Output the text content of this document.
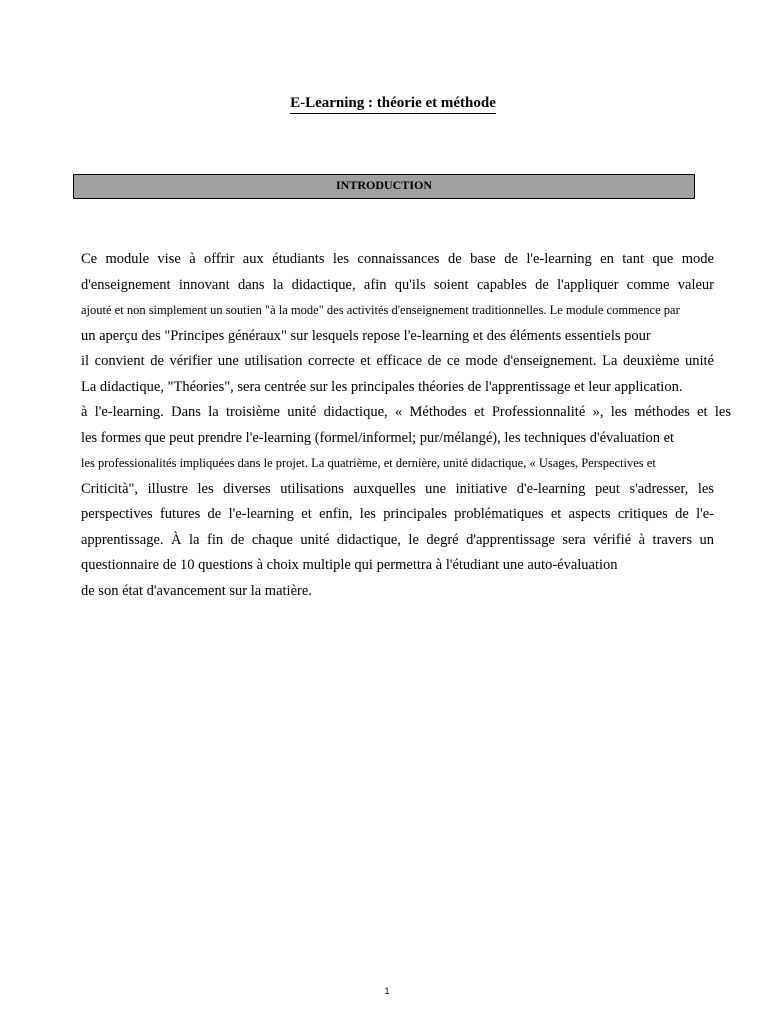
E-Learning : théorie et méthode
INTRODUCTION
Ce module vise à offrir aux étudiants les connaissances de base de l'e-learning en tant que mode
d'enseignement innovant dans la didactique, afin qu'ils soient capables de l'appliquer comme valeur
ajouté et non simplement un soutien "à la mode" des activités d'enseignement traditionnelles. Le module commence par
un aperçu des "Principes généraux" sur lesquels repose l'e-learning et des éléments essentiels pour
il convient de vérifier une utilisation correcte et efficace de ce mode d'enseignement. La deuxième unité
La didactique, "Théories", sera centrée sur les principales théories de l'apprentissage et leur application.
à l'e-learning. Dans la troisième unité didactique, « Méthodes et Professionnalité », les méthodes et les
les formes que peut prendre l'e-learning (formel/informel; pur/mélangé), les techniques d'évaluation et
les professionalités impliquées dans le projet. La quatrième, et dernière, unité didactique, « Usages, Perspectives et
Criticità", illustre les diverses utilisations auxquelles une initiative d'e-learning peut s'adresser, les
perspectives futures de l'e-learning et enfin, les principales problématiques et aspects critiques de l'e-
apprentissage. À la fin de chaque unité didactique, le degré d'apprentissage sera vérifié à travers un
questionnaire de 10 questions à choix multiple qui permettra à l'étudiant une auto-évaluation
de son état d'avancement sur la matière.
1
